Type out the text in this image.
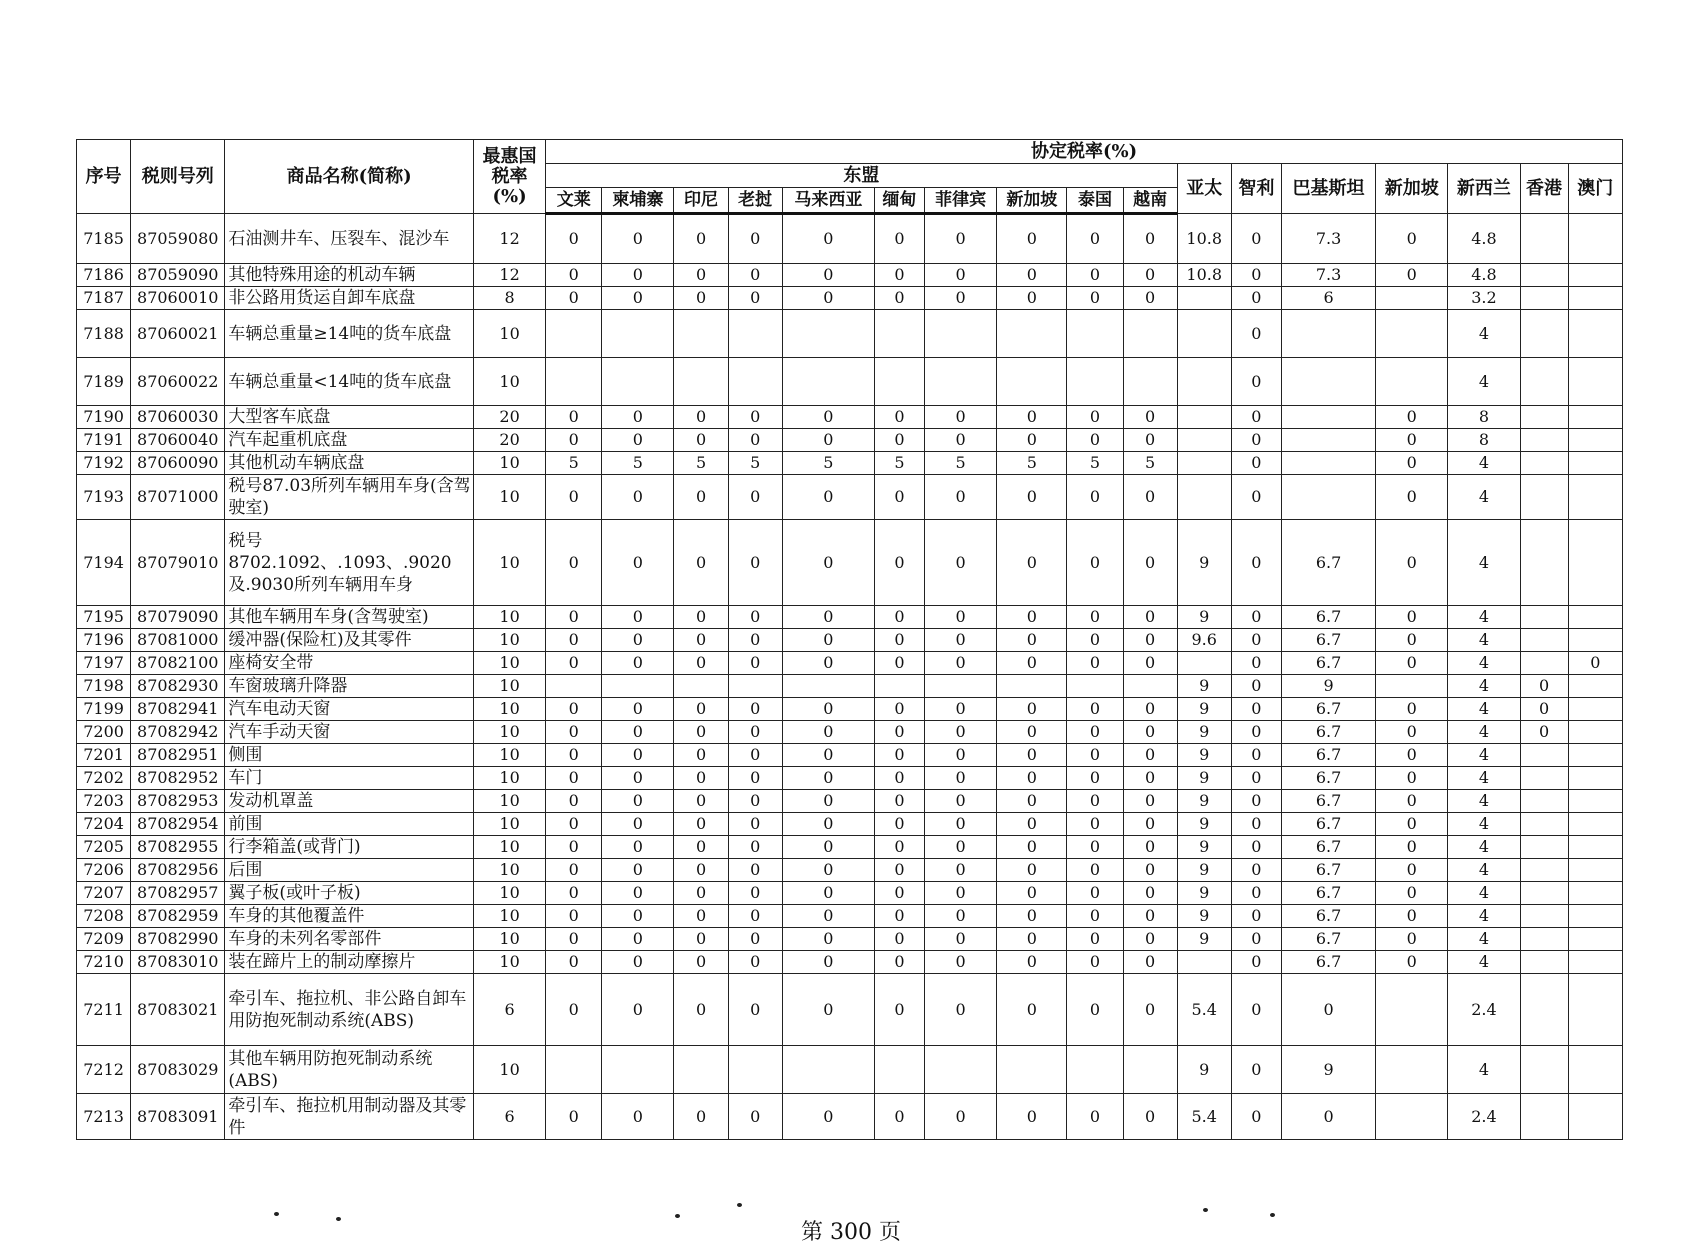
序号	税则号列	商品名称(简称)	最惠国
税率
(%)	协定税率(%)																
				东盟										亚太	智利	巴基斯坦	新加坡	新西兰	香港	澳门
				文莱	柬埔寨	印尼	老挝	马来西亚	缅甸	菲律宾	新加坡	泰国	越南							
7185	87059080	石油测井车、压裂车、混沙车	12	0	0	0	0	0	0	0	0	0	0	10.8	0	7.3	0	4.8		
7186	87059090	其他特殊用途的机动车辆	12	0	0	0	0	0	0	0	0	0	0	10.8	0	7.3	0	4.8		
7187	87060010	非公路用货运自卸车底盘	8	0	0	0	0	0	0	0	0	0	0		0	6		3.2		
7188	87060021	车辆总重量≥14吨的货车底盘	10												0			4		
7189	87060022	车辆总重量<14吨的货车底盘	10												0			4		
7190	87060030	大型客车底盘	20	0	0	0	0	0	0	0	0	0	0		0		0	8		
7191	87060040	汽车起重机底盘	20	0	0	0	0	0	0	0	0	0	0		0		0	8		
7192	87060090	其他机动车辆底盘	10	5	5	5	5	5	5	5	5	5	5		0		0	4		
7193	87071000	税号87.03所列车辆用车身(含驾驶室)	10	0	0	0	0	0	0	0	0	0	0		0		0	4		
7194	87079010	税号8702.1092、.1093、.9020及.9030所列车辆用车身	10	0	0	0	0	0	0	0	0	0	0	9	0	6.7	0	4		
7195	87079090	其他车辆用车身(含驾驶室)	10	0	0	0	0	0	0	0	0	0	0	9	0	6.7	0	4		
7196	87081000	缓冲器(保险杠)及其零件	10	0	0	0	0	0	0	0	0	0	0	9.6	0	6.7	0	4		
7197	87082100	座椅安全带	10	0	0	0	0	0	0	0	0	0	0		0	6.7	0	4		0
7198	87082930	车窗玻璃升降器	10											9	0	9		4	0	
7199	87082941	汽车电动天窗	10	0	0	0	0	0	0	0	0	0	0	9	0	6.7	0	4	0	
7200	87082942	汽车手动天窗	10	0	0	0	0	0	0	0	0	0	0	9	0	6.7	0	4	0	
7201	87082951	侧围	10	0	0	0	0	0	0	0	0	0	0	9	0	6.7	0	4		
7202	87082952	车门	10	0	0	0	0	0	0	0	0	0	0	9	0	6.7	0	4		
7203	87082953	发动机罩盖	10	0	0	0	0	0	0	0	0	0	0	9	0	6.7	0	4		
7204	87082954	前围	10	0	0	0	0	0	0	0	0	0	0	9	0	6.7	0	4		
7205	87082955	行李箱盖(或背门)	10	0	0	0	0	0	0	0	0	0	0	9	0	6.7	0	4		
7206	87082956	后围	10	0	0	0	0	0	0	0	0	0	0	9	0	6.7	0	4		
7207	87082957	翼子板(或叶子板)	10	0	0	0	0	0	0	0	0	0	0	9	0	6.7	0	4		
7208	87082959	车身的其他覆盖件	10	0	0	0	0	0	0	0	0	0	0	9	0	6.7	0	4		
7209	87082990	车身的未列名零部件	10	0	0	0	0	0	0	0	0	0	0	9	0	6.7	0	4		
7210	87083010	装在蹄片上的制动摩擦片	10	0	0	0	0	0	0	0	0	0	0		0	6.7	0	4		
7211	87083021	牵引车、拖拉机、非公路自卸车用防抱死制动系统(ABS)	6	0	0	0	0	0	0	0	0	0	0	5.4	0	0		2.4		
7212	87083029	其他车辆用防抱死制动系统(ABS)	10											9	0	9		4		
7213	87083091	牵引车、拖拉机用制动器及其零件	6	0	0	0	0	0	0	0	0	0	0	5.4	0	0		2.4		
第 300 页
